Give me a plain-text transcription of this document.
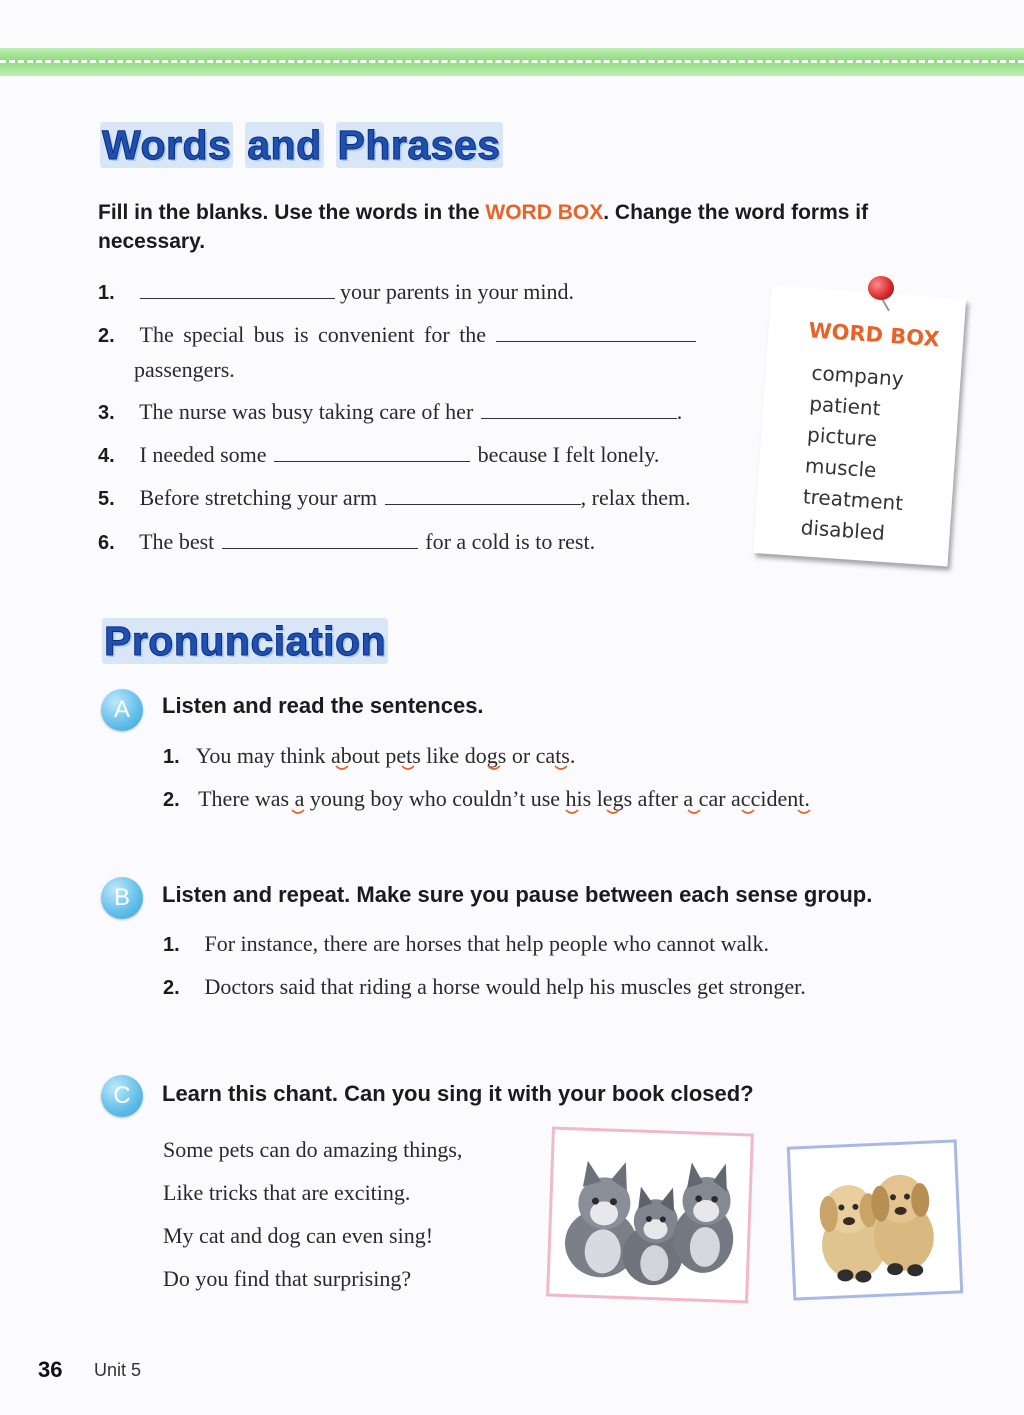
Words and Phrases
Fill in the blanks. Use the words in the WORD BOX. Change the word forms if necessary.
1.	your parents in your mind.
2. The special bus is convenient for the
passengers.
3. The nurse was busy taking care of her	.
4. I needed some	because I felt lonely.
5. Before stretching your arm	, relax them.
6. The best	for a cold is to rest.
WORD BOX
company
patient
picture
muscle
treatment
disabled
Pronunciation
A	Listen and read the sentences.
1. You may think about pets like dogs or cats.
2. There was a young boy who couldn’t use his legs after a car accident.
B	Listen and repeat. Make sure you pause between each sense group.
1. For instance, there are horses that help people who cannot walk.
2. Doctors said that riding a horse would help his muscles get stronger.
C	Learn this chant. Can you sing it with your book closed?
Some pets can do amazing things,
Like tricks that are exciting.
My cat and dog can even sing!
Do you find that surprising?
36 Unit 5
